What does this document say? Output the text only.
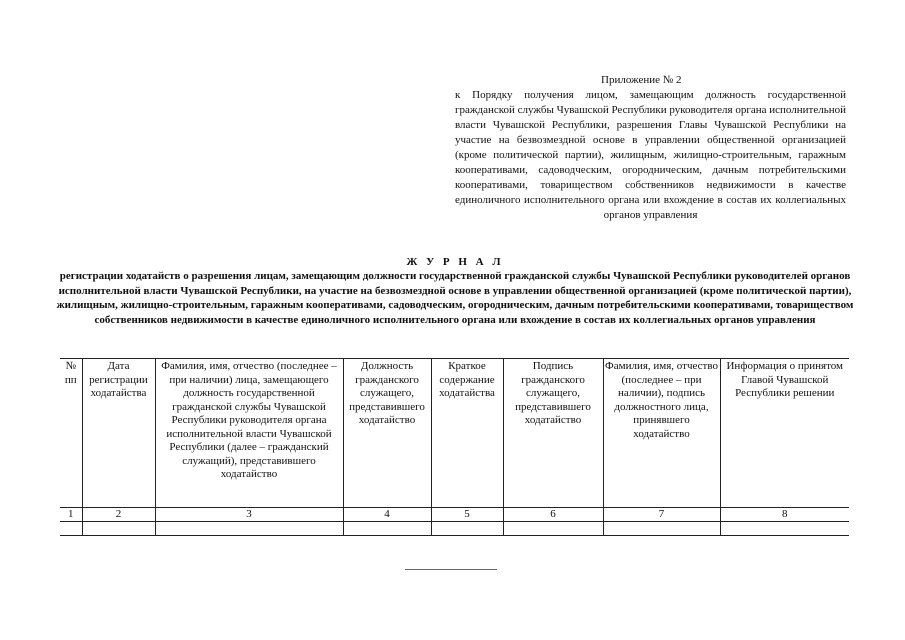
Приложение № 2
к Порядку получения лицом, замещающим должность государственной гражданской службы Чувашской Республики руководителя органа исполнительной власти Чувашской Республики, разрешения Главы Чувашской Республики на участие на безвозмездной основе в управлении общественной организацией (кроме политической партии), жилищным, жилищно-строительным, гаражным кооперативами, садоводческим, огородническим, дачным потребительскими кооперативами, товариществом собственников недвижимости в качестве единоличного исполнительного органа или вхождение в состав их коллегиальных органов управления
Ж У Р Н А Л
регистрации ходатайств о разрешения лицам, замещающим должности государственной гражданской службы Чувашской Республики руководителей органов исполнительной власти Чувашской Республики, на участие на безвозмездной основе в управлении общественной организацией (кроме политической партии), жилищным, жилищно-строительным, гаражным кооперативами, садоводческим, огородническим, дачным потребительскими кооперативами, товариществом собственников недвижимости в качестве единоличного исполнительного органа или вхождение в состав их коллегиальных органов управления
№ пп	Дата регистрации ходатайства	Фамилия, имя, отчество (последнее – при наличии) лица, замещающего должность государственной гражданской службы Чувашской Республики руководителя органа исполнительной власти Чувашской Республики (далее – гражданский служащий), представившего ходатайство	Должность гражданского служащего, представившего ходатайство	Краткое содержание ходатайства	Подпись гражданского служащего, представившего ходатайство	Фамилия, имя, отчество (последнее – при наличии), подпись должностного лица, принявшего ходатайство	Информация о принятом Главой Чувашской Республики решении
1	2	3	4	5	6	7	8
